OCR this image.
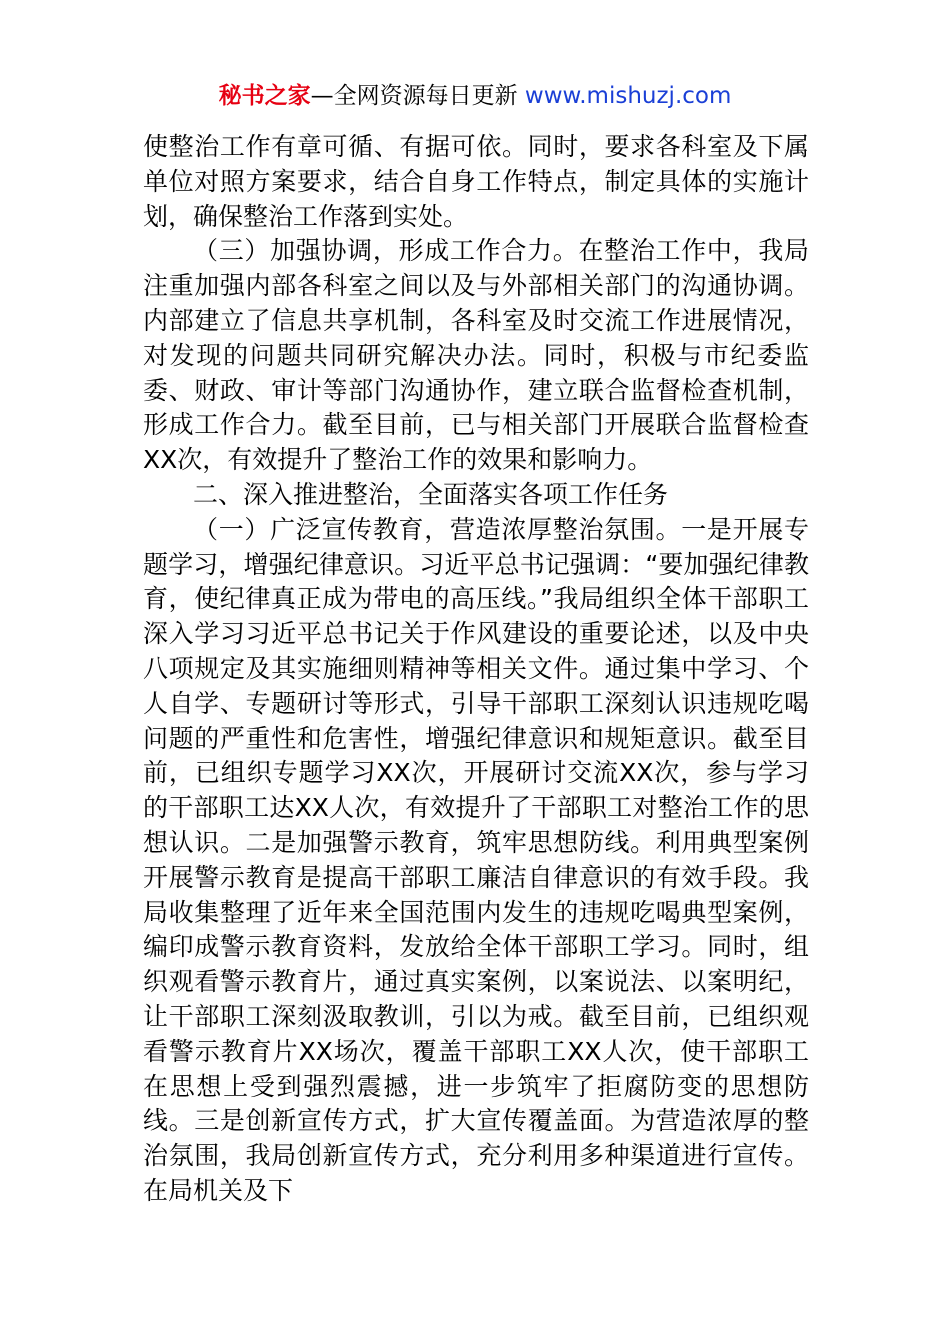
秘书之家—全网资源每日更新 www.mishuzj.com

使整治工作有章可循、有据可依。同时，要求各科室及下属单位对照方案要求，结合自身工作特点，制定具体的实施计划，确保整治工作落到实处。

（三）加强协调，形成工作合力。在整治工作中，我局注重加强内部各科室之间以及与外部相关部门的沟通协调。内部建立了信息共享机制，各科室及时交流工作进展情况，对发现的问题共同研究解决办法。同时，积极与市纪委监委、财政、审计等部门沟通协作，建立联合监督检查机制，形成工作合力。截至目前，已与相关部门开展联合监督检查XX次，有效提升了整治工作的效果和影响力。

二、深入推进整治，全面落实各项工作任务

（一）广泛宣传教育，营造浓厚整治氛围。一是开展专题学习，增强纪律意识。习近平总书记强调：“要加强纪律教育，使纪律真正成为带电的高压线。”我局组织全体干部职工深入学习习近平总书记关于作风建设的重要论述，以及中央八项规定及其实施细则精神等相关文件。通过集中学习、个人自学、专题研讨等形式，引导干部职工深刻认识违规吃喝问题的严重性和危害性，增强纪律意识和规矩意识。截至目前，已组织专题学习XX次，开展研讨交流XX次，参与学习的干部职工达XX人次，有效提升了干部职工对整治工作的思想认识。二是加强警示教育，筑牢思想防线。利用典型案例开展警示教育是提高干部职工廉洁自律意识的有效手段。我局收集整理了近年来全国范围内发生的违规吃喝典型案例，编印成警示教育资料，发放给全体干部职工学习。同时，组织观看警示教育片，通过真实案例，以案说法、以案明纪，让干部职工深刻汲取教训，引以为戒。截至目前，已组织观看警示教育片XX场次，覆盖干部职工XX人次，使干部职工在思想上受到强烈震撼，进一步筑牢了拒腐防变的思想防线。三是创新宣传方式，扩大宣传覆盖面。为营造浓厚的整治氛围，我局创新宣传方式，充分利用多种渠道进行宣传。在局机关及下
